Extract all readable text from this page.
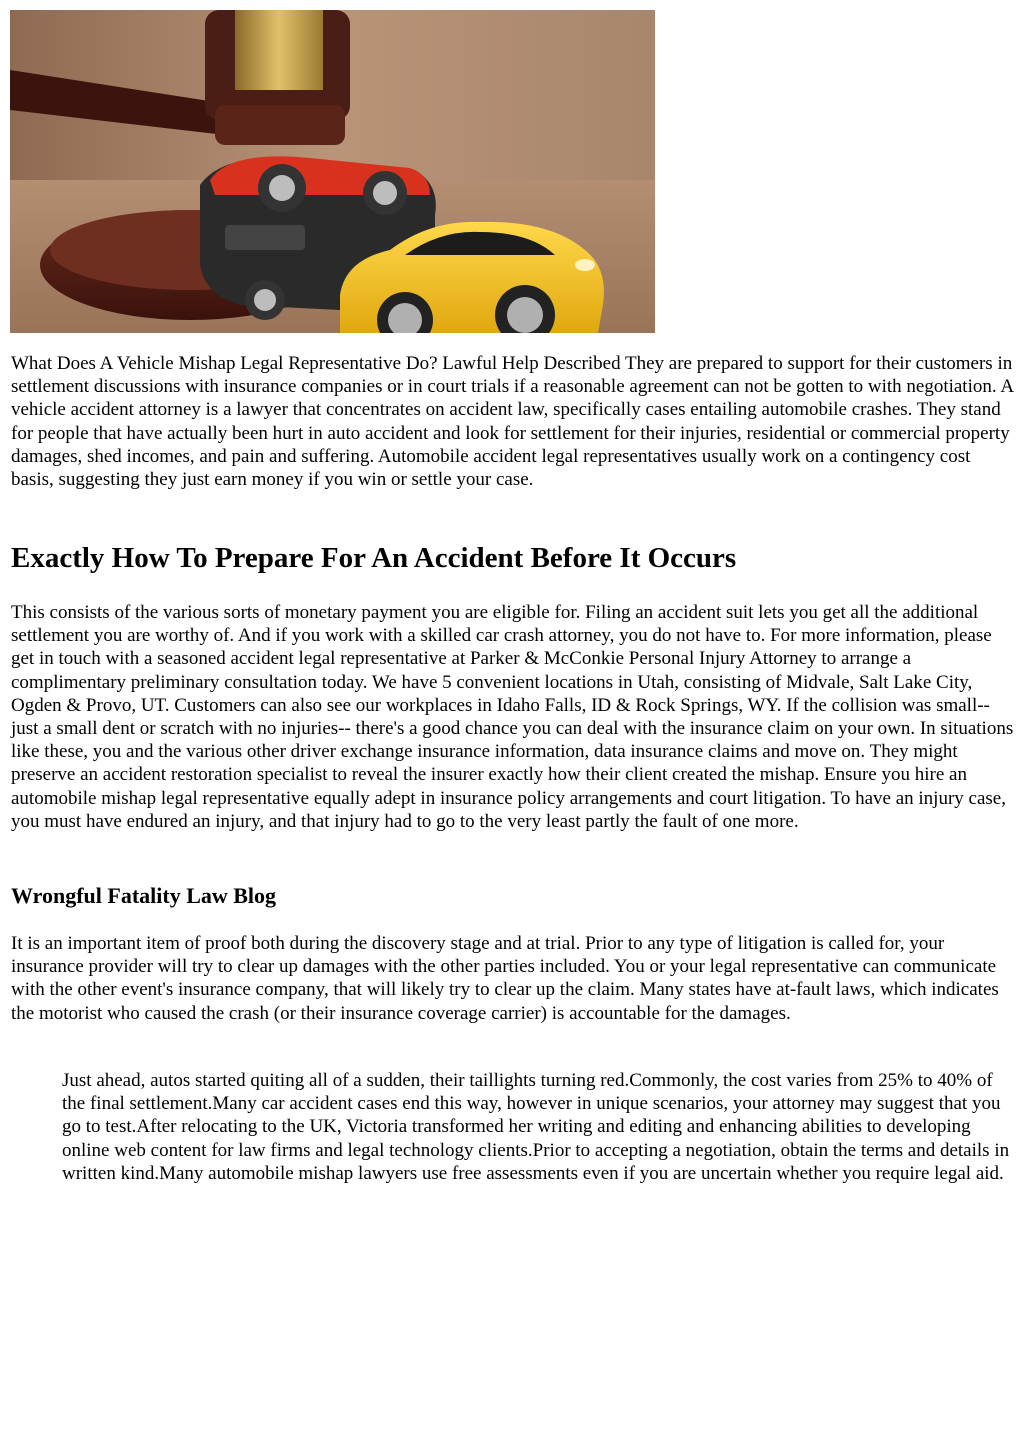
What Does A Vehicle Mishap Legal Representative Do? Lawful Help Described They are prepared to support for their customers in settlement discussions with insurance companies or in court trials if a reasonable agreement can not be gotten to with negotiation. A vehicle accident attorney is a lawyer that concentrates on accident law, specifically cases entailing automobile crashes. They stand for people that have actually been hurt in auto accident and look for settlement for their injuries, residential or commercial property damages, shed incomes, and pain and suffering. Automobile accident legal representatives usually work on a contingency cost basis, suggesting they just earn money if you win or settle your case.

Exactly How To Prepare For An Accident Before It Occurs

This consists of the various sorts of monetary payment you are eligible for. Filing an accident suit lets you get all the additional settlement you are worthy of. And if you work with a skilled car crash attorney, you do not have to. For more information, please get in touch with a seasoned accident legal representative at Parker & McConkie Personal Injury Attorney to arrange a complimentary preliminary consultation today. We have 5 convenient locations in Utah, consisting of Midvale, Salt Lake City, Ogden & Provo, UT. Customers can also see our workplaces in Idaho Falls, ID & Rock Springs, WY. If the collision was small-- just a small dent or scratch with no injuries-- there's a good chance you can deal with the insurance claim on your own. In situations like these, you and the various other driver exchange insurance information, data insurance claims and move on. They might preserve an accident restoration specialist to reveal the insurer exactly how their client created the mishap. Ensure you hire an automobile mishap legal representative equally adept in insurance policy arrangements and court litigation. To have an injury case, you must have endured an injury, and that injury had to go to the very least partly the fault of one more.

Wrongful Fatality Law Blog

It is an important item of proof both during the discovery stage and at trial. Prior to any type of litigation is called for, your insurance provider will try to clear up damages with the other parties included. You or your legal representative can communicate with the other event's insurance company, that will likely try to clear up the claim. Many states have at-fault laws, which indicates the motorist who caused the crash (or their insurance coverage carrier) is accountable for the damages.

Just ahead, autos started quiting all of a sudden, their taillights turning red.Commonly, the cost varies from 25% to 40% of the final settlement.Many car accident cases end this way, however in unique scenarios, your attorney may suggest that you go to test.After relocating to the UK, Victoria transformed her writing and editing and enhancing abilities to developing online web content for law firms and legal technology clients.Prior to accepting a negotiation, obtain the terms and details in written kind.Many automobile mishap lawyers use free assessments even if you are uncertain whether you require legal aid.
